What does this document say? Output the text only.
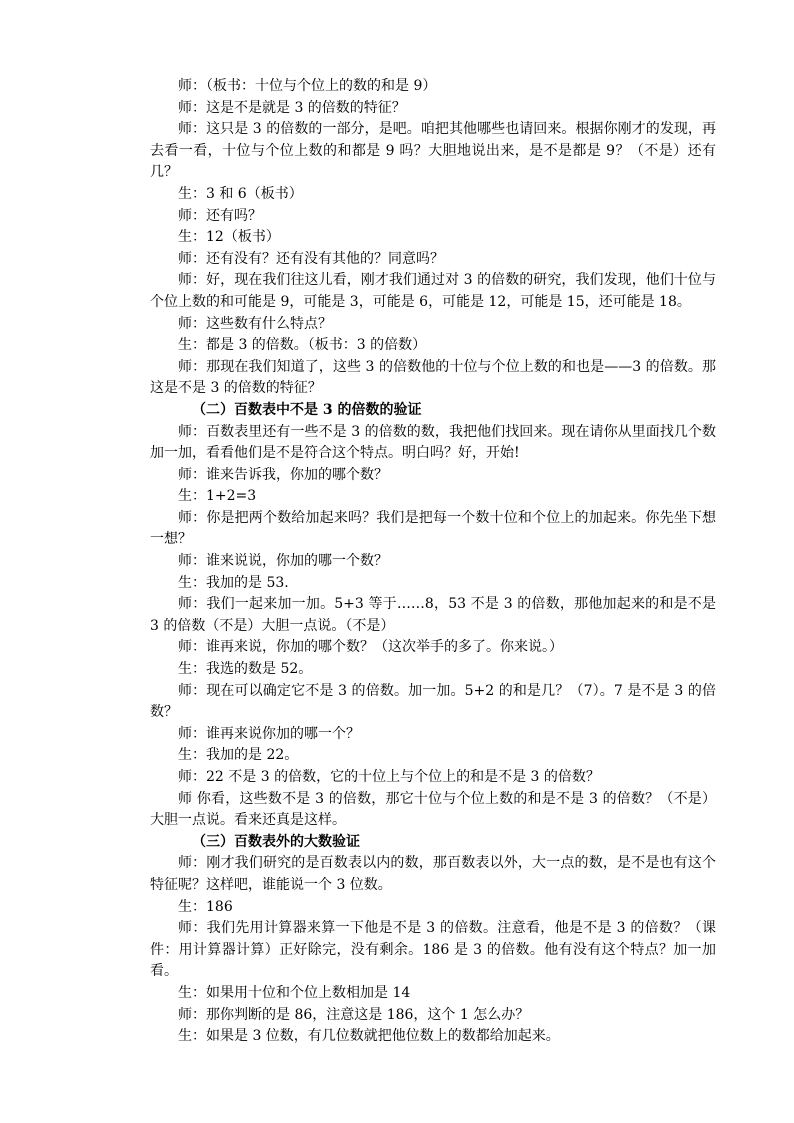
师：（板书：十位与个位上的数的和是 9）

师：这是不是就是 3 的倍数的特征？

师：这只是 3 的倍数的一部分，是吧。咱把其他哪些也请回来。根据你刚才的发现，再去看一看，十位与个位上数的和都是 9 吗？大胆地说出来，是不是都是 9？（不是）还有几？

生：3 和 6（板书）

师：还有吗？

生：12（板书）

师：还有没有？还有没有其他的？同意吗？

师：好，现在我们往这儿看，刚才我们通过对 3 的倍数的研究，我们发现，他们十位与个位上数的和可能是 9，可能是 3，可能是 6，可能是 12，可能是 15，还可能是 18。

师：这些数有什么特点？

生：都是 3 的倍数。（板书：3 的倍数）

师：那现在我们知道了，这些 3 的倍数他的十位与个位上数的和也是——3 的倍数。那这是不是 3 的倍数的特征？

（二）百数表中不是 3 的倍数的验证

师：百数表里还有一些不是 3 的倍数的数，我把他们找回来。现在请你从里面找几个数加一加，看看他们是不是符合这个特点。明白吗？好，开始!

师：谁来告诉我，你加的哪个数？

生：1+2=3

师：你是把两个数给加起来吗？我们是把每一个数十位和个位上的加起来。你先坐下想一想？

师：谁来说说，你加的哪一个数？

生：我加的是 53.

师：我们一起来加一加。5+3 等于……8，53 不是 3 的倍数，那他加起来的和是不是 3 的倍数（不是）大胆一点说。（不是）

师：谁再来说，你加的哪个数？（这次举手的多了。你来说。）

生：我选的数是 52。

师：现在可以确定它不是 3 的倍数。加一加。5+2 的和是几？（7）。7 是不是 3 的倍数？

师：谁再来说你加的哪一个？

生：我加的是 22。

师：22 不是 3 的倍数，它的十位上与个位上的和是不是 3 的倍数？

师 你看，这些数不是 3 的倍数，那它十位与个位上数的和是不是 3 的倍数？（不是）大胆一点说。看来还真是这样。

（三）百数表外的大数验证

师：刚才我们研究的是百数表以内的数，那百数表以外，大一点的数，是不是也有这个特征呢？这样吧，谁能说一个 3 位数。

生：186

师：我们先用计算器来算一下他是不是 3 的倍数。注意看，他是不是 3 的倍数？（课件：用计算器计算）正好除完，没有剩余。186 是 3 的倍数。他有没有这个特点？加一加看。

生：如果用十位和个位上数相加是 14

师：那你判断的是 86，注意这是 186，这个 1 怎么办？

生：如果是 3 位数，有几位数就把他位数上的数都给加起来。
